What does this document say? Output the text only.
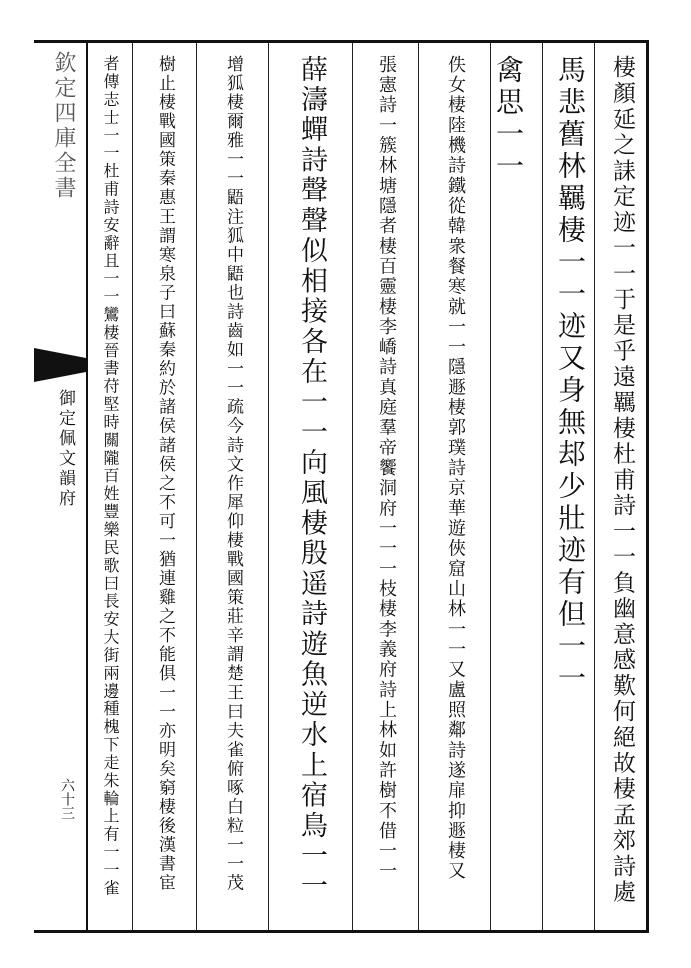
欽定四庫全書
御定佩文韻府
六十三	棲顏延之誄定迹一一于是乎遠羈棲杜甫詩一一負幽意感歎何絕故棲孟郊詩處
馬悲舊林羈棲一一迹又身無𨚫少壯迹有但一一
禽思一一
佚女棲陸機詩鐵從韓衆餐寒就一一隱遯棲郭璞詩京華遊俠窟山林一一又盧照鄰詩遂扉抑遯棲又
張憲詩一簇林塘隱者棲百靈棲李嶠詩真庭羣帝饗洞府一一一枝棲李義府詩上林如許樹不借一一
薛濤蟬詩聲聲似相接各在一一向風棲殷遥詩遊魚逆水上宿鳥一一
增狐棲爾雅一一鼯注狐中鼯也詩齒如一一疏今詩文作犀仰棲戰國策莊辛謂楚王曰夫雀俯啄白粒一一茂
樹止棲戰國策秦惠王謂寒泉子曰蘇秦約於諸侯諸侯之不可一猶連雞之不能俱一一亦明矣窮棲後漢書宦
者傳志士一一杜甫詩安辭且一一鸞棲晉書苻堅時關隴百姓豐樂民歌曰長安大街兩邊種槐下走朱輪上有一一雀
